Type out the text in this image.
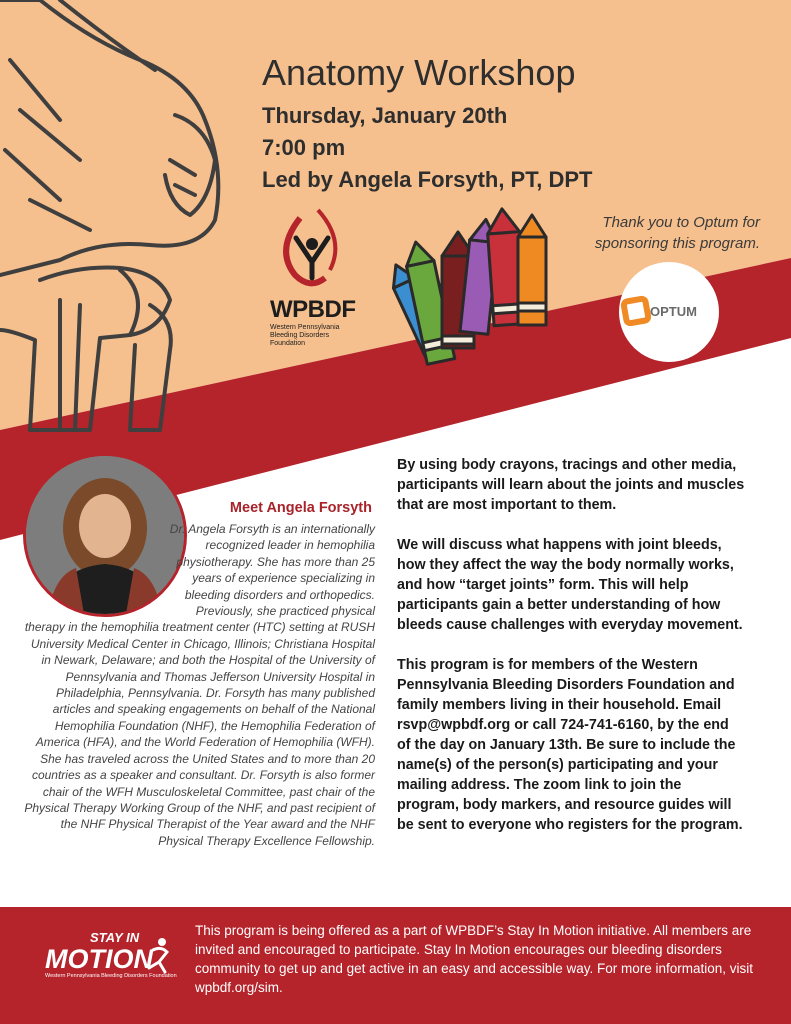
Anatomy Workshop
Thursday, January 20th
7:00 pm
Led by Angela Forsyth, PT, DPT
Thank you to Optum for sponsoring this program.
WPBDF
Western Pennsylvania
Bleeding Disorders Foundation
OPTUM
Meet Angela Forsyth
Dr. Angela Forsyth is an internationally recognized leader in hemophilia physiotherapy. She has more than 25 years of experience specializing in bleeding disorders and orthopedics. Previously, she practiced physical therapy in the hemophilia treatment center (HTC) setting at RUSH University Medical Center in Chicago, Illinois; Christiana Hospital in Newark, Delaware; and both the Hospital of the University of Pennsylvania and Thomas Jefferson University Hospital in Philadelphia, Pennsylvania. Dr. Forsyth has many published articles and speaking engagements on behalf of the National Hemophilia Foundation (NHF), the Hemophilia Federation of America (HFA), and the World Federation of Hemophilia (WFH). She has traveled across the United States and to more than 20 countries as a speaker and consultant. Dr. Forsyth is also former chair of the WFH Musculoskeletal Committee, past chair of the Physical Therapy Working Group of the NHF, and past recipient of the NHF Physical Therapist of the Year award and the NHF Physical Therapy Excellence Fellowship.

By using body crayons, tracings and other media, participants will learn about the joints and muscles that are most important to them.

We will discuss what happens with joint bleeds, how they affect the way the body normally works, and how “target joints” form. This will help participants gain a better understanding of how bleeds cause challenges with everyday movement.

This program is for members of the Western Pennsylvania Bleeding Disorders Foundation and family members living in their household. Email rsvp@wpbdf.org or call 724-741-6160, by the end of the day on January 13th. Be sure to include the name(s) of the person(s) participating and your mailing address. The zoom link to join the program, body markers, and resource guides will be sent to everyone who registers for the program.

STAY IN
MOTION
Western Pennsylvania Bleeding Disorders Foundation
This program is being offered as a part of WPBDF’s Stay In Motion initiative. All members are invited and encouraged to participate. Stay In Motion encourages our bleeding disorders community to get up and get active in an easy and accessible way. For more information, visit wpbdf.org/sim.
